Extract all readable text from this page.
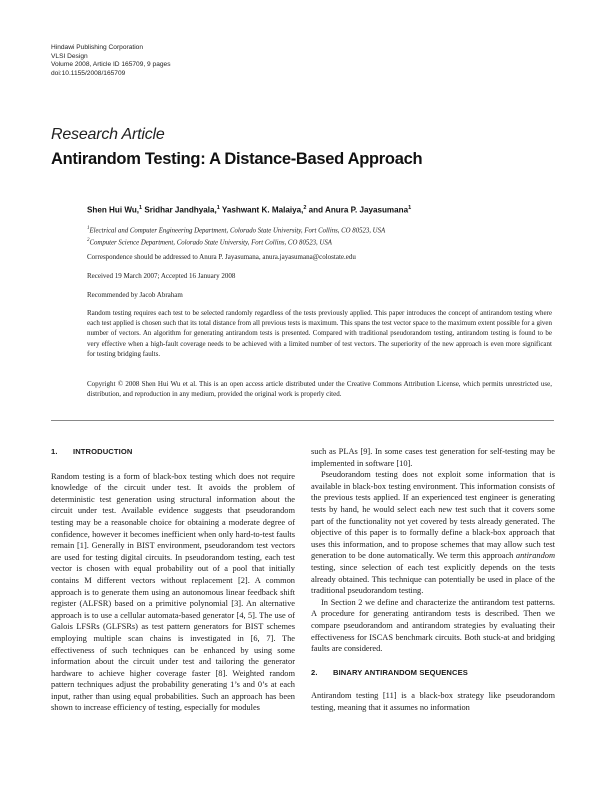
Hindawi Publishing Corporation
VLSI Design
Volume 2008, Article ID 165709, 9 pages
doi:10.1155/2008/165709
Research Article
Antirandom Testing: A Distance-Based Approach
Shen Hui Wu,$^1$ Sridhar Jandhyala,$^1$ Yashwant K. Malaiya,$^2$ and Anura P. Jayasumana$^1$
$^1$Electrical and Computer Engineering Department, Colorado State University, Fort Collins, CO 80523, USA
$^2$Computer Science Department, Colorado State University, Fort Collins, CO 80523, USA
Correspondence should be addressed to Anura P. Jayasumana, anura.jayasumana@colostate.edu
Received 19 March 2007; Accepted 16 January 2008
Recommended by Jacob Abraham
Random testing requires each test to be selected randomly regardless of the tests previously applied. This paper introduces the concept of antirandom testing where each test applied is chosen such that its total distance from all previous tests is maximum. This spans the test vector space to the maximum extent possible for a given number of vectors. An algorithm for generating antirandom tests is presented. Compared with traditional pseudorandom testing, antirandom testing is found to be very effective when a high-fault coverage needs to be achieved with a limited number of test vectors. The superiority of the new approach is even more significant for testing bridging faults.
Copyright © 2008 Shen Hui Wu et al. This is an open access article distributed under the Creative Commons Attribution License, which permits unrestricted use, distribution, and reproduction in any medium, provided the original work is properly cited.
1. INTRODUCTION

Random testing is a form of black-box testing which does not require knowledge of the circuit under test. It avoids the problem of deterministic test generation using structural information about the circuit under test. Available evidence suggests that pseudorandom testing may be a reasonable choice for obtaining a moderate degree of confidence, however it becomes inefficient when only hard-to-test faults remain [1]. Generally in BIST environment, pseudorandom test vectors are used for testing digital circuits. In pseudorandom testing, each test vector is chosen with equal probability out of a pool that initially contains M different vectors without replacement [2]. A common approach is to generate them using an autonomous linear feedback shift register (ALFSR) based on a primitive polynomial [3]. An alternative approach is to use a cellular automata-based generator [4, 5]. The use of Galois LFSRs (GLFSRs) as test pattern generators for BIST schemes employing multiple scan chains is investigated in [6, 7]. The effectiveness of such techniques can be enhanced by using some information about the circuit under test and tailoring the generator hardware to achieve higher coverage faster [8]. Weighted random pattern techniques adjust the probability generating 1’s and 0’s at each input, rather than using equal probabilities. Such an approach has been shown to increase efficiency of testing, especially for modules

such as PLAs [9]. In some cases test generation for self-testing may be implemented in software [10].

Pseudorandom testing does not exploit some information that is available in black-box testing environment. This information consists of the previous tests applied. If an experienced test engineer is generating tests by hand, he would select each new test such that it covers some part of the functionality not yet covered by tests already generated. The objective of this paper is to formally define a black-box approach that uses this information, and to propose schemes that may allow such test generation to be done automatically. We term this approach antirandom testing, since selection of each test explicitly depends on the tests already obtained. This technique can potentially be used in place of the traditional pseudorandom testing.

In Section 2 we define and characterize the antirandom test patterns. A procedure for generating antirandom tests is described. Then we compare pseudorandom and antirandom strategies by evaluating their effectiveness for ISCAS benchmark circuits. Both stuck-at and bridging faults are considered.

2. BINARY ANTIRANDOM SEQUENCES

Antirandom testing [11] is a black-box strategy like pseudorandom testing, meaning that it assumes no information
